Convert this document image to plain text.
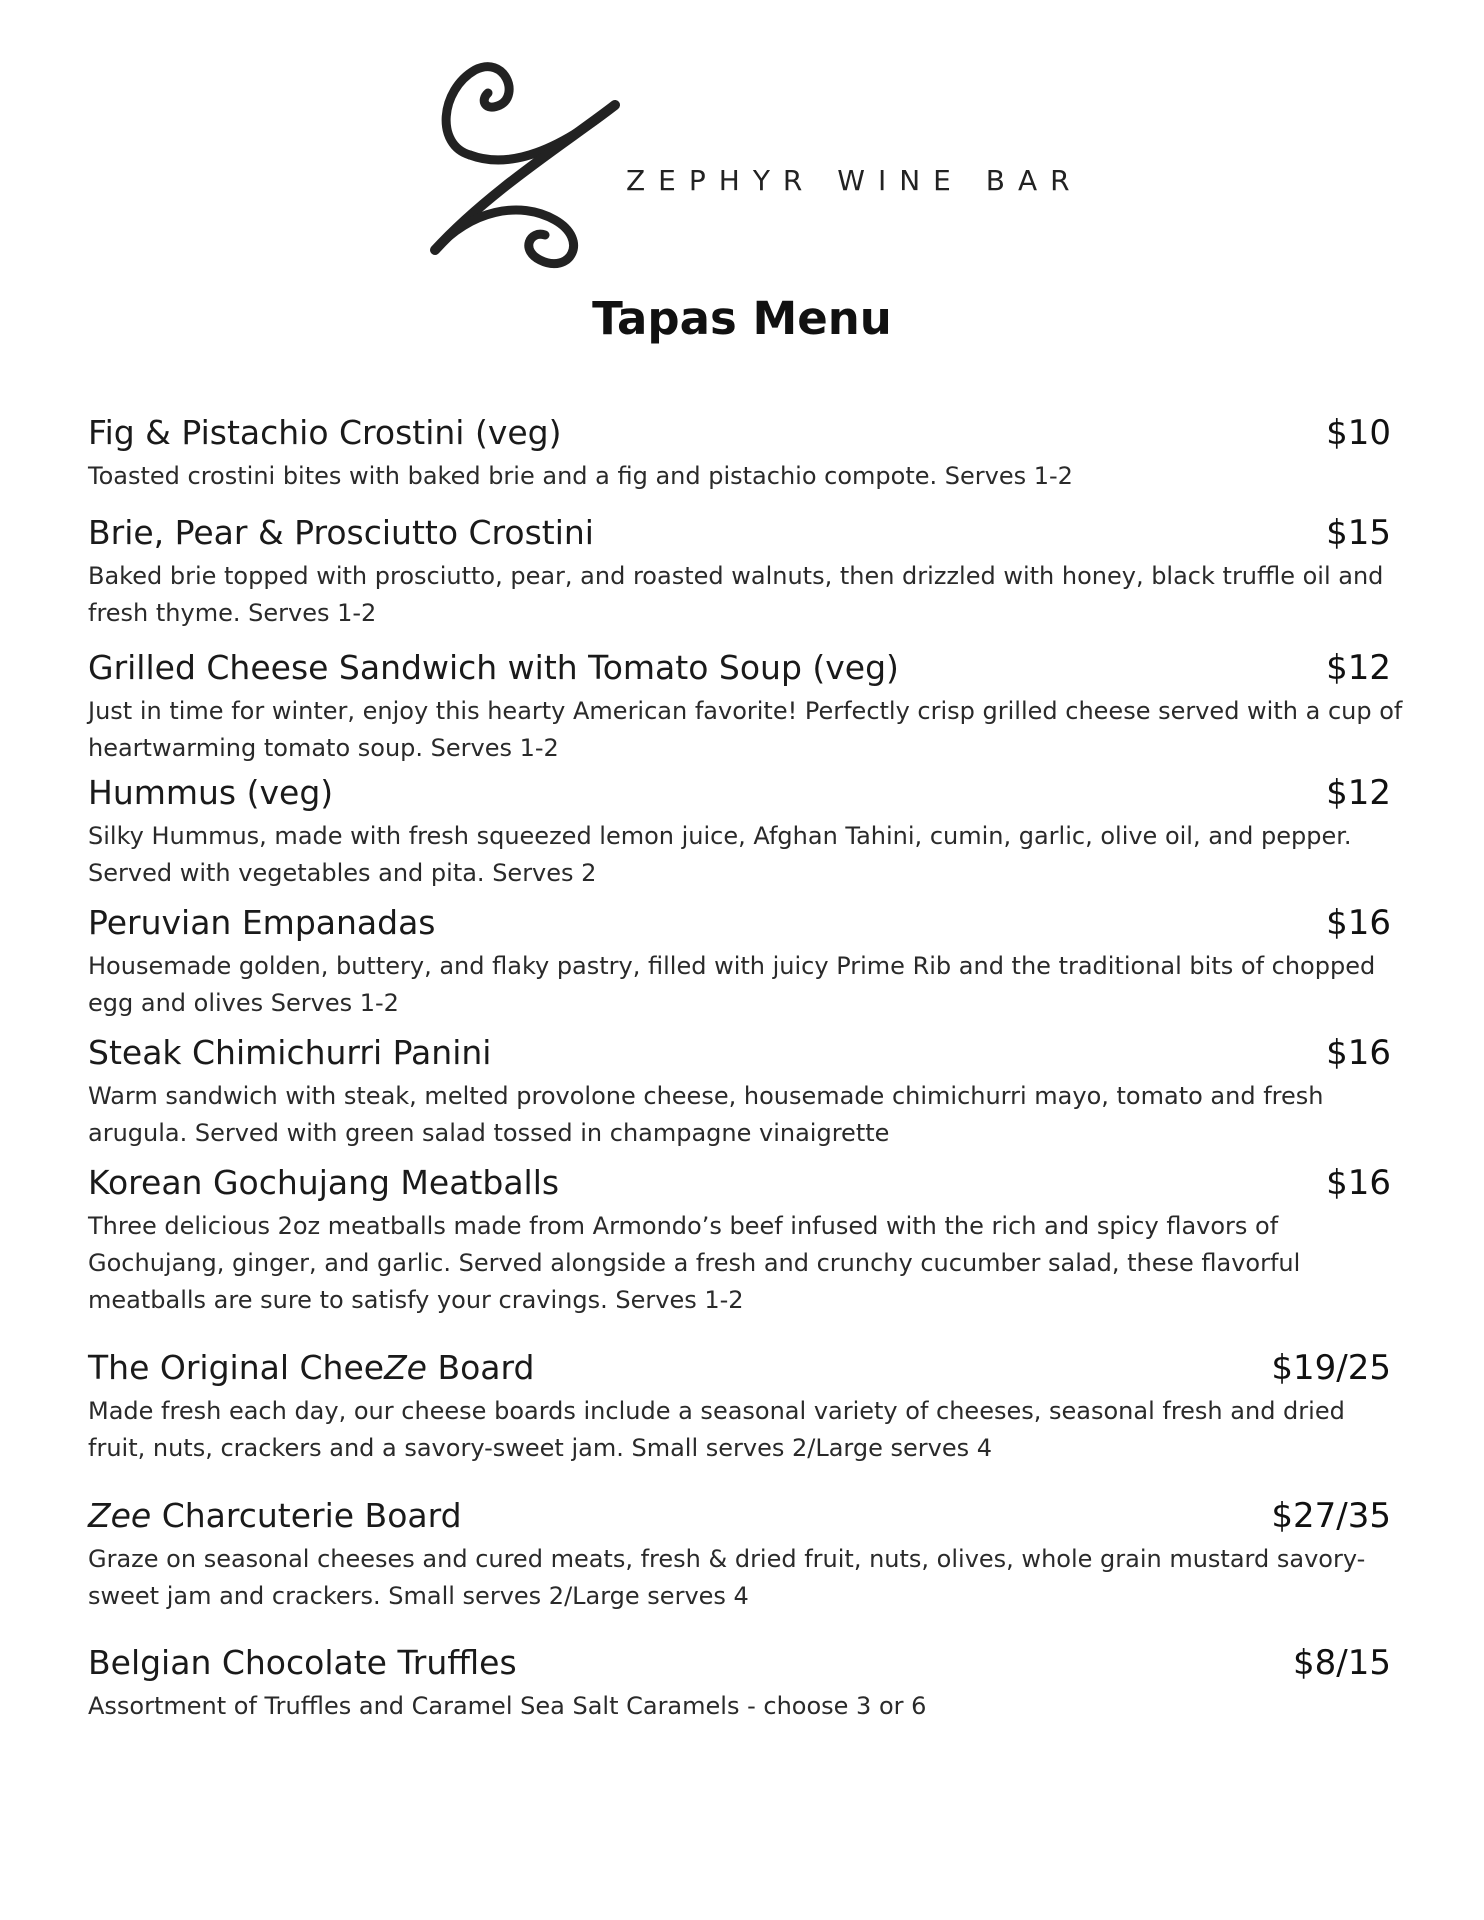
ZEPHYR WINE BAR
Tapas Menu
Fig & Pistachio Crostini (veg)	$10
Toasted crostini bites with baked brie and a fig and pistachio compote. Serves 1-2
Brie, Pear & Prosciutto Crostini	$15
Baked brie topped with prosciutto, pear, and roasted walnuts, then drizzled with honey, black truffle oil and fresh thyme. Serves 1-2
Grilled Cheese Sandwich with Tomato Soup (veg)	$12
Just in time for winter, enjoy this hearty American favorite! Perfectly crisp grilled cheese served with a cup of heartwarming tomato soup. Serves 1-2
Hummus (veg)	$12
Silky Hummus, made with fresh squeezed lemon juice, Afghan Tahini, cumin, garlic, olive oil, and pepper. Served with vegetables and pita. Serves 2
Peruvian Empanadas	$16
Housemade golden, buttery, and flaky pastry, filled with juicy Prime Rib and the traditional bits of chopped egg and olives Serves 1-2
Steak Chimichurri Panini	$16
Warm sandwich with steak, melted provolone cheese, housemade chimichurri mayo, tomato and fresh arugula. Served with green salad tossed in champagne vinaigrette
Korean Gochujang Meatballs	$16
Three delicious 2oz meatballs made from Armondo’s beef infused with the rich and spicy flavors of Gochujang, ginger, and garlic. Served alongside a fresh and crunchy cucumber salad, these flavorful meatballs are sure to satisfy your cravings. Serves 1-2
The Original CheeZe Board	$19/25
Made fresh each day, our cheese boards include a seasonal variety of cheeses, seasonal fresh and dried fruit, nuts, crackers and a savory-sweet jam. Small serves 2/Large serves 4
Zee Charcuterie Board	$27/35
Graze on seasonal cheeses and cured meats, fresh & dried fruit, nuts, olives, whole grain mustard savory-sweet jam and crackers. Small serves 2/Large serves 4
Belgian Chocolate Truffles	$8/15
Assortment of Truffles and Caramel Sea Salt Caramels - choose 3 or 6
